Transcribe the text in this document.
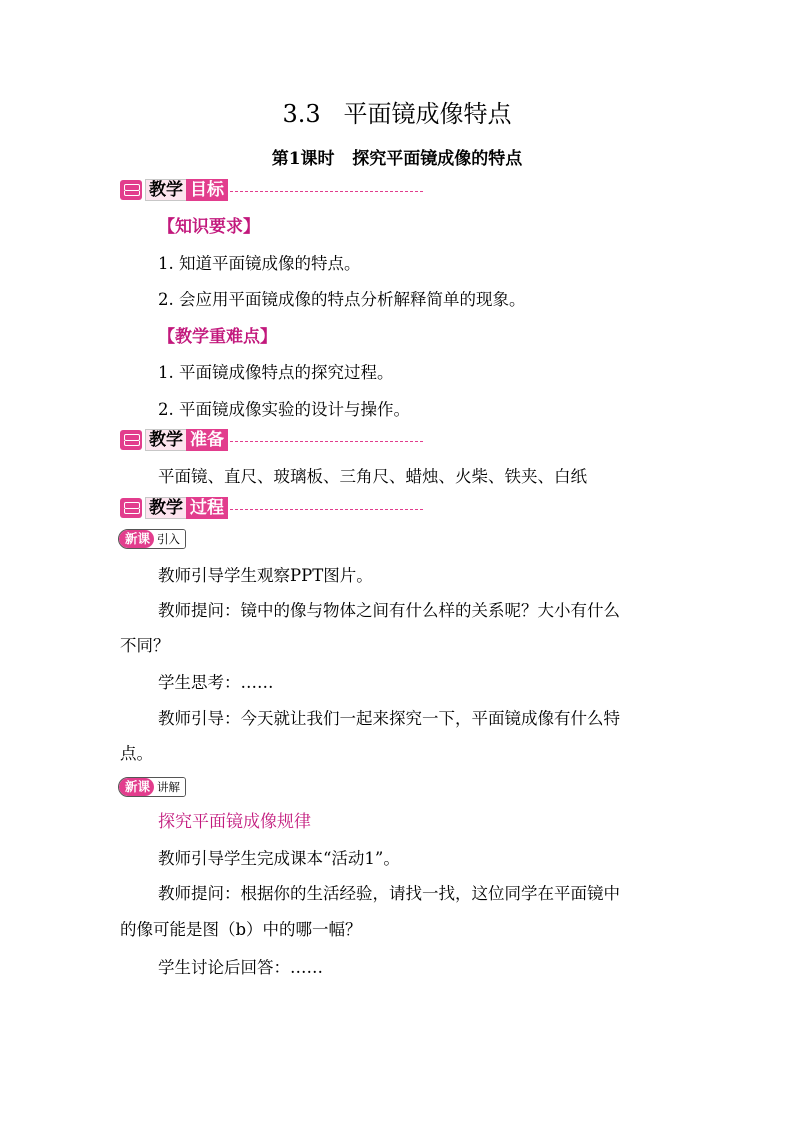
3.3   平面镜成像特点
第1课时   探究平面镜成像的特点
教学 目标
【知识要求】
1. 知道平面镜成像的特点。
2. 会应用平面镜成像的特点分析解释简单的现象。
【教学重难点】
1. 平面镜成像特点的探究过程。
2. 平面镜成像实验的设计与操作。
教学 准备
平面镜、直尺、玻璃板、三角尺、蜡烛、火柴、铁夹、白纸
教学 过程
新课 引入
教师引导学生观察PPT图片。
教师提问：镜中的像与物体之间有什么样的关系呢？大小有什么
不同？
学生思考：……
教师引导：今天就让我们一起来探究一下，平面镜成像有什么特
点。
新课 讲解
探究平面镜成像规律
教师引导学生完成课本“活动1”。
教师提问：根据你的生活经验，请找一找，这位同学在平面镜中
的像可能是图（b）中的哪一幅？
学生讨论后回答：……
